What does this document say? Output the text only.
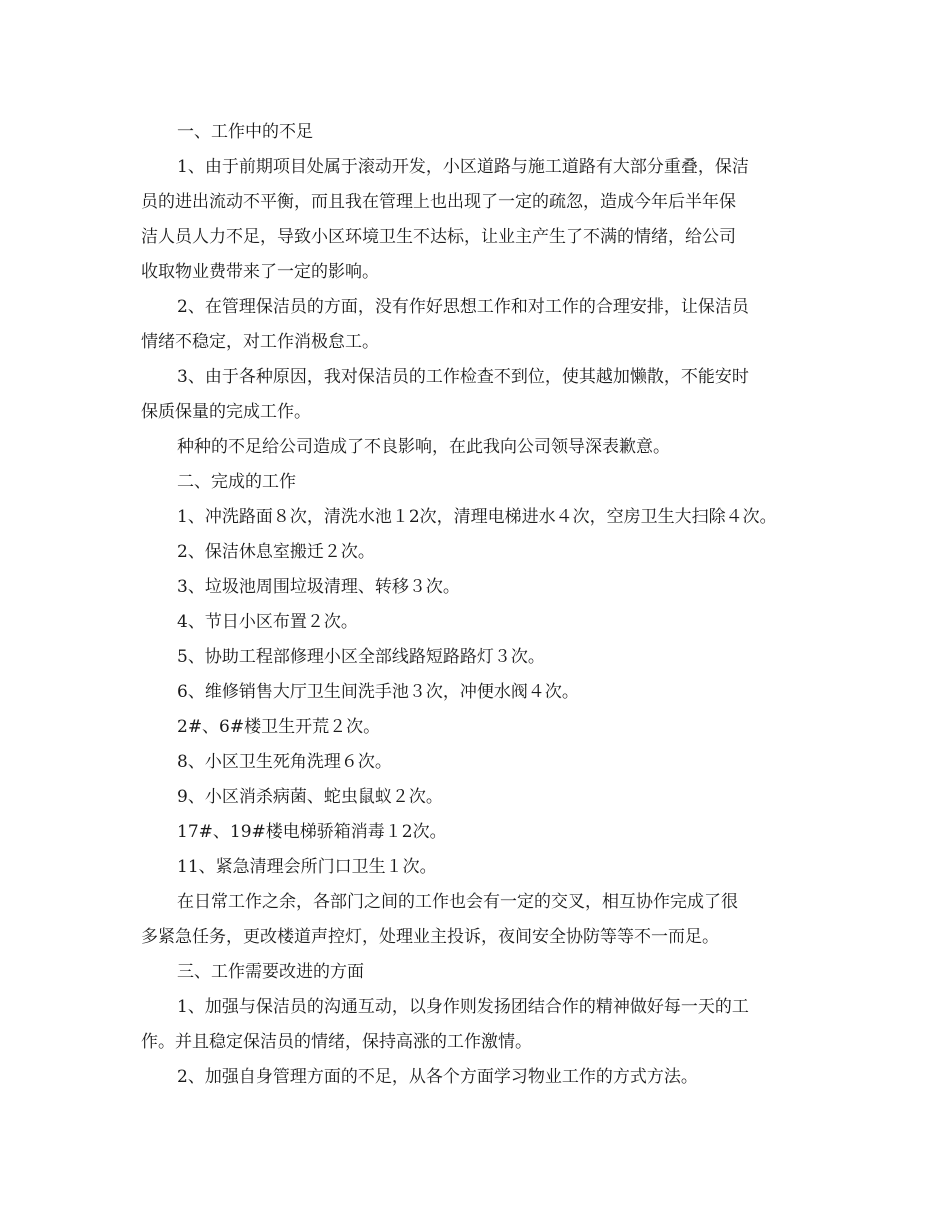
一、工作中的不足
1、由于前期项目处属于滚动开发，小区道路与施工道路有大部分重叠，保洁
员的进出流动不平衡，而且我在管理上也出现了一定的疏忽，造成今年后半年保
洁人员人力不足，导致小区环境卫生不达标，让业主产生了不满的情绪，给公司
收取物业费带来了一定的影响。
2、在管理保洁员的方面，没有作好思想工作和对工作的合理安排，让保洁员
情绪不稳定，对工作消极怠工。
3、由于各种原因，我对保洁员的工作检查不到位，使其越加懒散，不能安时
保质保量的完成工作。
种种的不足给公司造成了不良影响，在此我向公司领导深表歉意。
二、完成的工作
1、冲洗路面８次，清洗水池１2次，清理电梯进水４次，空房卫生大扫除４次。
2、保洁休息室搬迁２次。
3、垃圾池周围垃圾清理、转移３次。
4、节日小区布置２次。
5、协助工程部修理小区全部线路短路路灯３次。
6、维修销售大厅卫生间洗手池３次，冲便水阀４次。
2#、6#楼卫生开荒２次。
8、小区卫生死角洗理６次。
9、小区消杀病菌、蛇虫鼠蚁２次。
17#、19#楼电梯骄箱消毒１2次。
11、紧急清理会所门口卫生１次。
在日常工作之余，各部门之间的工作也会有一定的交叉，相互协作完成了很
多紧急任务，更改楼道声控灯，处理业主投诉，夜间安全协防等等不一而足。
三、工作需要改进的方面
1、加强与保洁员的沟通互动，以身作则发扬团结合作的精神做好每一天的工
作。并且稳定保洁员的情绪，保持高涨的工作激情。
2、加强自身管理方面的不足，从各个方面学习物业工作的方式方法。
